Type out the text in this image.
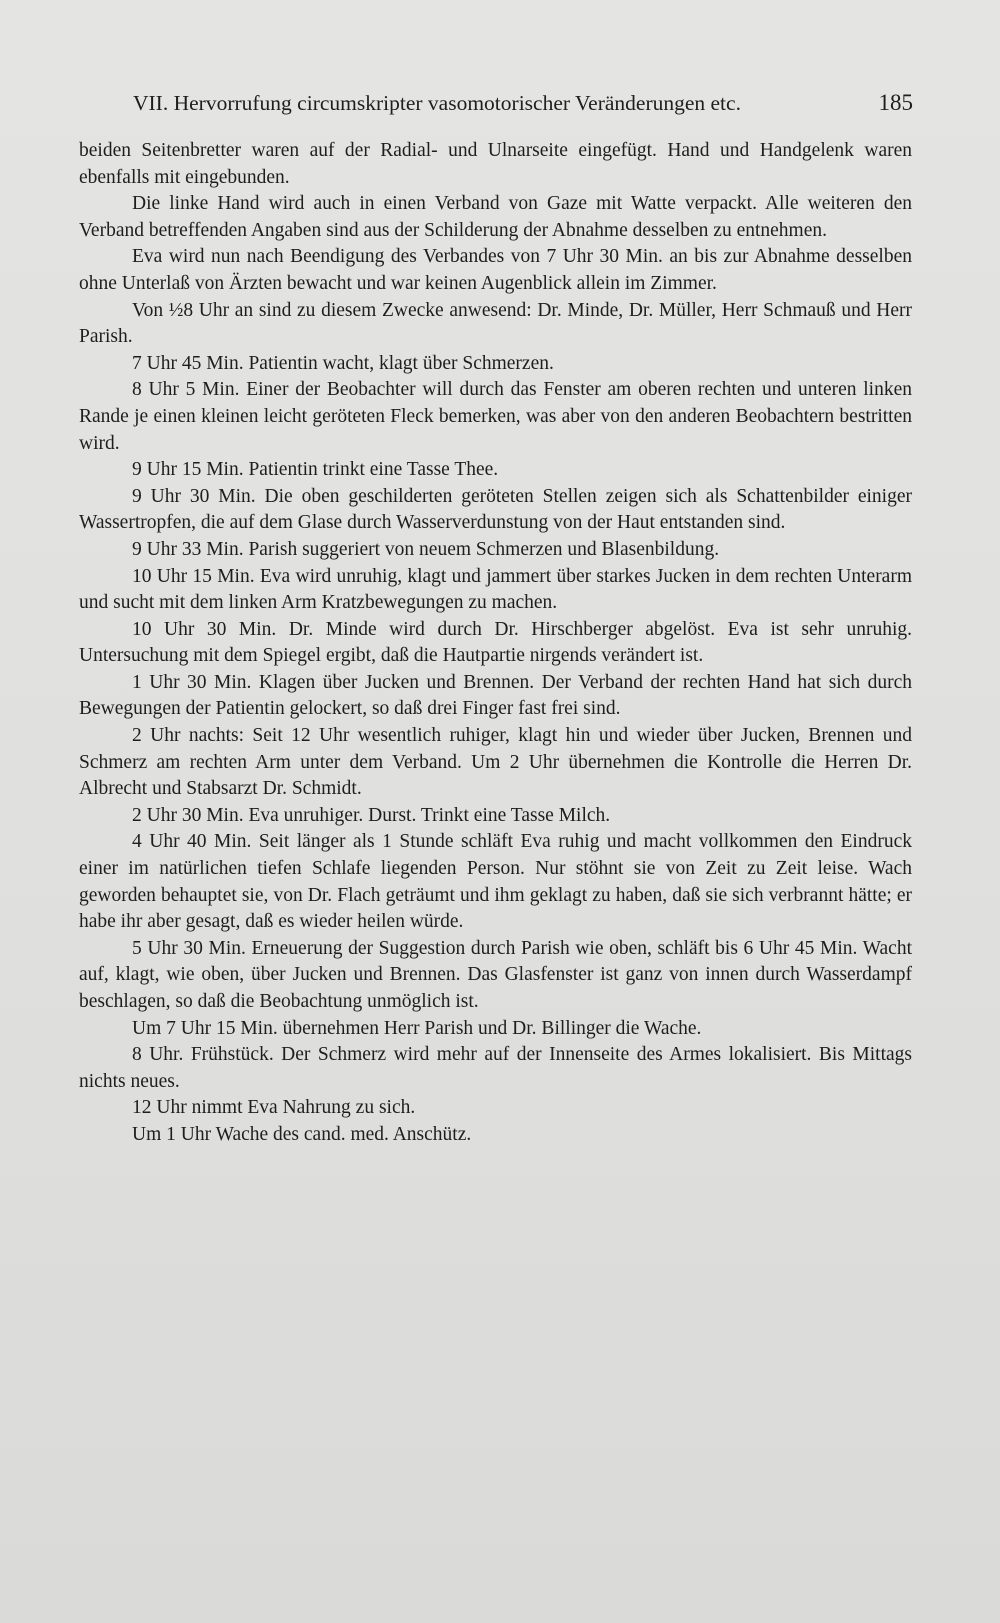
VII. Hervorrufung circumskripter vasomotorischer Veränderungen etc.	185

beiden Seitenbretter waren auf der Radial- und Ulnarseite eingefügt. Hand und Handgelenk waren ebenfalls mit eingebunden.

Die linke Hand wird auch in einen Verband von Gaze mit Watte verpackt. Alle weiteren den Verband betreffenden Angaben sind aus der Schilderung der Abnahme desselben zu entnehmen.

Eva wird nun nach Beendigung des Verbandes von 7 Uhr 30 Min. an bis zur Abnahme desselben ohne Unterlaß von Ärzten bewacht und war keinen Augenblick allein im Zimmer.

Von ½8 Uhr an sind zu diesem Zwecke anwesend: Dr. Minde, Dr. Müller, Herr Schmauß und Herr Parish.

7 Uhr 45 Min. Patientin wacht, klagt über Schmerzen.

8 Uhr 5 Min. Einer der Beobachter will durch das Fenster am oberen rechten und unteren linken Rande je einen kleinen leicht geröteten Fleck bemerken, was aber von den anderen Beobachtern bestritten wird.

9 Uhr 15 Min. Patientin trinkt eine Tasse Thee.

9 Uhr 30 Min. Die oben geschilderten geröteten Stellen zeigen sich als Schattenbilder einiger Wassertropfen, die auf dem Glase durch Wasserverdunstung von der Haut entstanden sind.

9 Uhr 33 Min. Parish suggeriert von neuem Schmerzen und Blasenbildung.

10 Uhr 15 Min. Eva wird unruhig, klagt und jammert über starkes Jucken in dem rechten Unterarm und sucht mit dem linken Arm Kratzbewegungen zu machen.

10 Uhr 30 Min. Dr. Minde wird durch Dr. Hirschberger abgelöst. Eva ist sehr unruhig. Untersuchung mit dem Spiegel ergibt, daß die Hautpartie nirgends verändert ist.

1 Uhr 30 Min. Klagen über Jucken und Brennen. Der Verband der rechten Hand hat sich durch Bewegungen der Patientin gelockert, so daß drei Finger fast frei sind.

2 Uhr nachts: Seit 12 Uhr wesentlich ruhiger, klagt hin und wieder über Jucken, Brennen und Schmerz am rechten Arm unter dem Verband. Um 2 Uhr übernehmen die Kontrolle die Herren Dr. Albrecht und Stabsarzt Dr. Schmidt.

2 Uhr 30 Min. Eva unruhiger. Durst. Trinkt eine Tasse Milch.

4 Uhr 40 Min. Seit länger als 1 Stunde schläft Eva ruhig und macht vollkommen den Eindruck einer im natürlichen tiefen Schlafe liegenden Person. Nur stöhnt sie von Zeit zu Zeit leise. Wach geworden behauptet sie, von Dr. Flach geträumt und ihm geklagt zu haben, daß sie sich verbrannt hätte; er habe ihr aber gesagt, daß es wieder heilen würde.

5 Uhr 30 Min. Erneuerung der Suggestion durch Parish wie oben, schläft bis 6 Uhr 45 Min. Wacht auf, klagt, wie oben, über Jucken und Brennen. Das Glasfenster ist ganz von innen durch Wasserdampf beschlagen, so daß die Beobachtung unmöglich ist.

Um 7 Uhr 15 Min. übernehmen Herr Parish und Dr. Billinger die Wache.

8 Uhr. Frühstück. Der Schmerz wird mehr auf der Innenseite des Armes lokalisiert. Bis Mittags nichts neues.

12 Uhr nimmt Eva Nahrung zu sich.

Um 1 Uhr Wache des cand. med. Anschütz.
